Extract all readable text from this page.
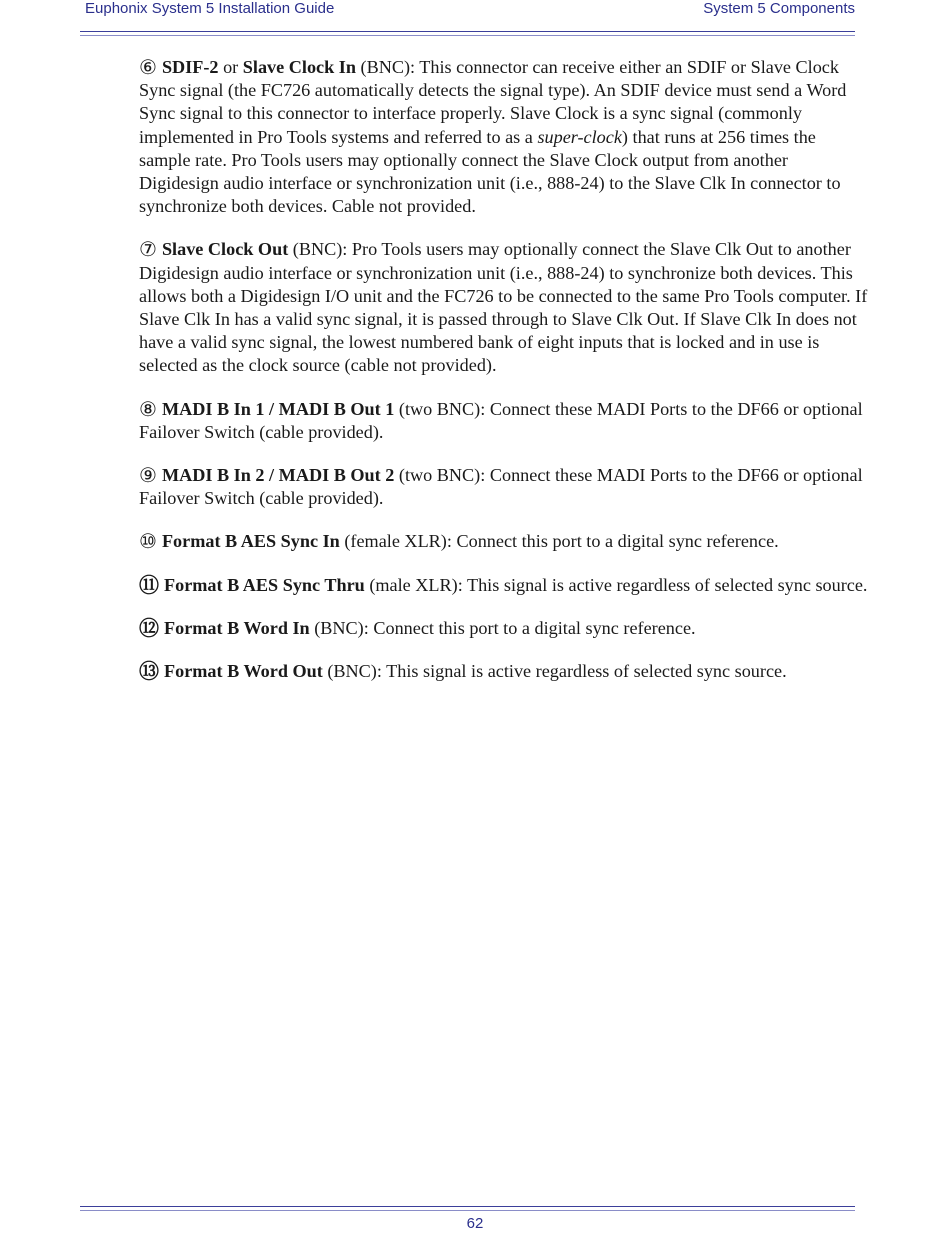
Euphonix System 5 Installation Guide	System 5 Components

⑥ SDIF-2 or Slave Clock In (BNC): This connector can receive either an SDIF or Slave Clock Sync signal (the FC726 automatically detects the signal type). An SDIF device must send a Word Sync signal to this connector to interface properly. Slave Clock is a sync signal (commonly implemented in Pro Tools systems and referred to as a super-clock) that runs at 256 times the sample rate. Pro Tools users may optionally connect the Slave Clock output from another Digidesign audio interface or synchronization unit (i.e., 888-24) to the Slave Clk In connector to synchronize both devices. Cable not provided.

⑦ Slave Clock Out (BNC): Pro Tools users may optionally connect the Slave Clk Out to another Digidesign audio interface or synchronization unit (i.e., 888-24) to synchronize both devices. This allows both a Digidesign I/O unit and the FC726 to be connected to the same Pro Tools computer. If Slave Clk In has a valid sync signal, it is passed through to Slave Clk Out. If Slave Clk In does not have a valid sync signal, the lowest numbered bank of eight inputs that is locked and in use is selected as the clock source (cable not provided).

⑧ MADI B In 1 / MADI B Out 1 (two BNC): Connect these MADI Ports to the DF66 or optional Failover Switch (cable provided).

⑨ MADI B In 2 / MADI B Out 2 (two BNC): Connect these MADI Ports to the DF66 or optional Failover Switch (cable provided).

⑩ Format B AES Sync In (female XLR): Connect this port to a digital sync reference.

⑪ Format B AES Sync Thru (male XLR): This signal is active regardless of selected sync source.

⑫ Format B Word In (BNC): Connect this port to a digital sync reference.

⑬ Format B Word Out (BNC): This signal is active regardless of selected sync source.

62
